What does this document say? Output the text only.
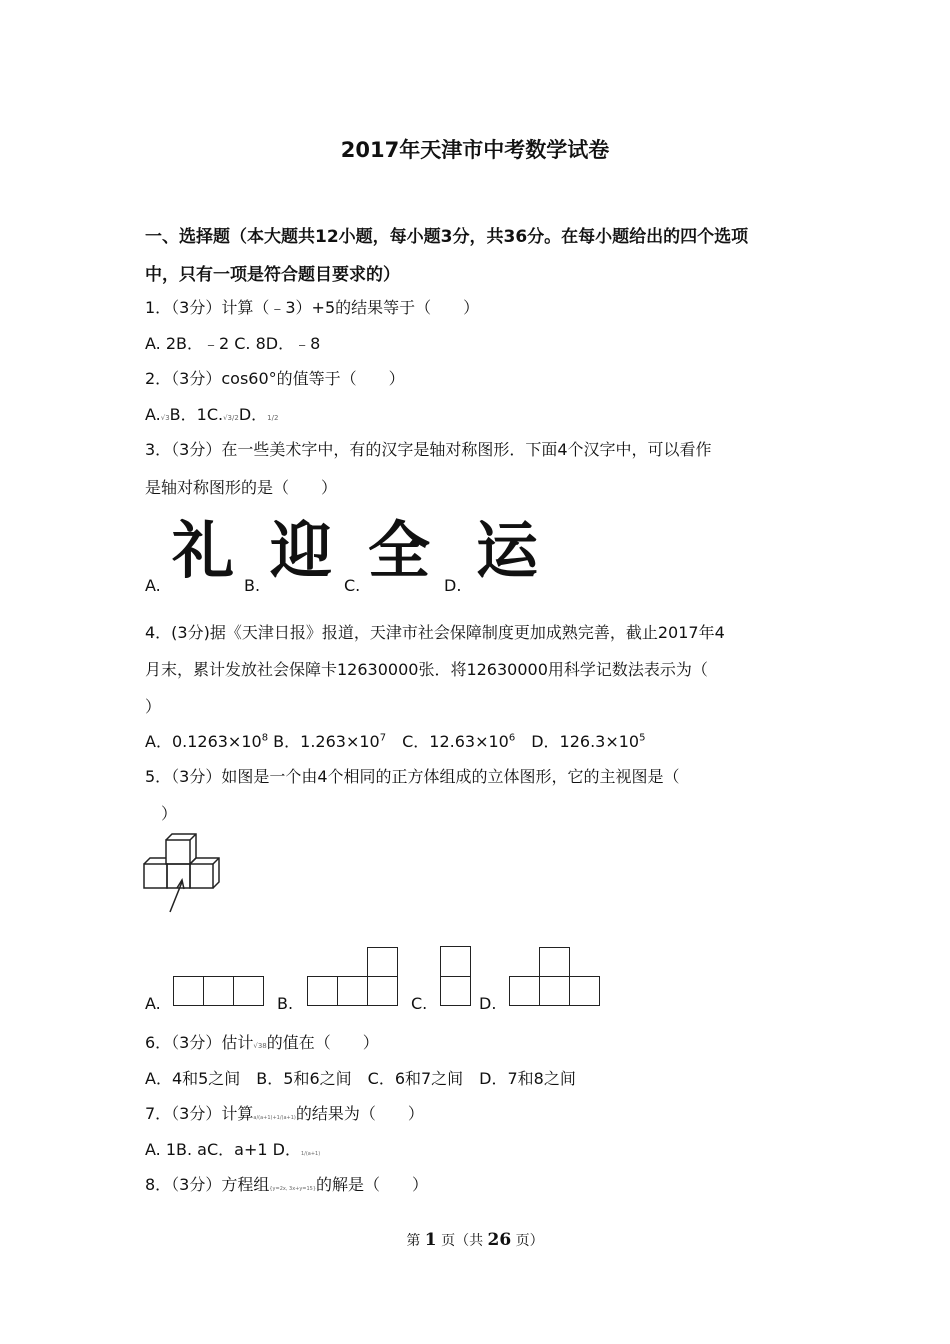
2017年天津市中考数学试卷
一、选择题（本大题共12小题，每小题3分，共36分。在每小题给出的四个选项
中，只有一项是符合题目要求的）
1．（3分）计算（﹣3）+5的结果等于（　　）
A. 2B．﹣2 C. 8D．﹣8
2．（3分）cos60°的值等于（　　）
A.√3B．1C.√3/2D．1/2
3．（3分）在一些美术字中，有的汉字是轴对称图形．下面4个汉字中，可以看作
是轴对称图形的是（　　）
A. 礼 B. 迎 C. 全 D. 运
4．(3分)据《天津日报》报道，天津市社会保障制度更加成熟完善，截止2017年4
月末，累计发放社会保障卡12630000张．将12630000用科学记数法表示为（
）
A．$0.1263\times 10^8$ B．$1.263\times 10^7$　C．$12.63\times 10^6$　D．$126.3\times 10^5$
5．（3分）如图是一个由4个相同的正方体组成的立体图形，它的主视图是（
　）
A.	B.	C.	D.
6．（3分）估计√38的值在（　　）
A．4和5之间　B．5和6之间　C．6和7之间　D．7和8之间
7．（3分）计算a/(a+1)+1/(a+1)的结果为（　　）
A. 1B. aC．a+1 D．1/(a+1)
8．（3分）方程组{y=2x, 3x+y=15}的解是（　　）
第 1 页（共 26 页）
